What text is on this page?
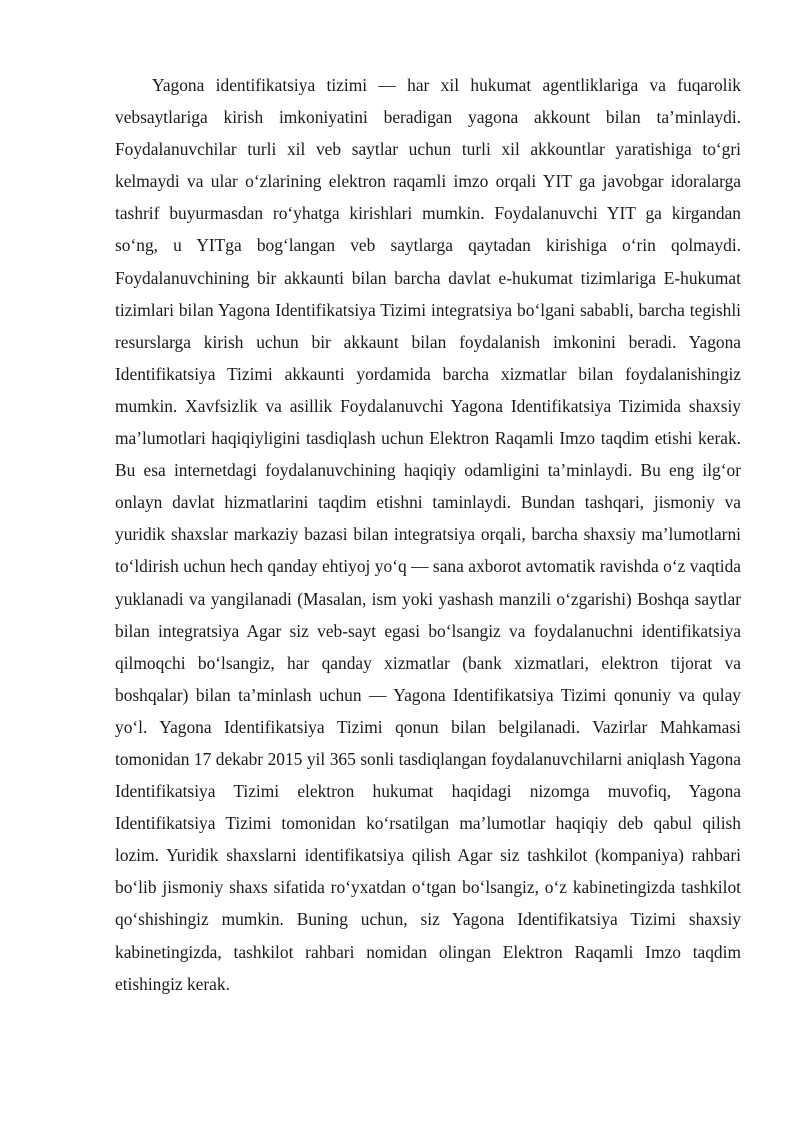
Yagona identifikatsiya tizimi — har xil hukumat agentliklariga va fuqarolik vebsaytlariga kirish imkoniyatini beradigan yagona akkount bilan ta’minlaydi. Foydalanuvchilar turli xil veb saytlar uchun turli xil akkountlar yaratishiga to‘gri kelmaydi va ular o‘zlarining elektron raqamli imzo orqali YIT ga javobgar idoralarga tashrif buyurmasdan ro‘yhatga kirishlari mumkin. Foydalanuvchi YIT ga kirgandan so‘ng, u YITga bog‘langan veb saytlarga qaytadan kirishiga o‘rin qolmaydi. Foydalanuvchining bir akkaunti bilan barcha davlat e-hukumat tizimlariga E-hukumat tizimlari bilan Yagona Identifikatsiya Tizimi integratsiya bo‘lgani sababli, barcha tegishli resurslarga kirish uchun bir akkaunt bilan foydalanish imkonini beradi. Yagona Identifikatsiya Tizimi akkaunti yordamida barcha xizmatlar bilan foydalanishingiz mumkin. Xavfsizlik va asillik Foydalanuvchi Yagona Identifikatsiya Tizimida shaxsiy ma’lumotlari haqiqiyligini tasdiqlash uchun Elektron Raqamli Imzo taqdim etishi kerak. Bu esa internetdagi foydalanuvchining haqiqiy odamligini ta’minlaydi. Bu eng ilg‘or onlayn davlat hizmatlarini taqdim etishni taminlaydi. Bundan tashqari, jismoniy va yuridik shaxslar markaziy bazasi bilan integratsiya orqali, barcha shaxsiy ma’lumotlarni to‘ldirish uchun hech qanday ehtiyoj yo‘q — sana axborot avtomatik ravishda o‘z vaqtida yuklanadi va yangilanadi (Masalan, ism yoki yashash manzili o‘zgarishi) Boshqa saytlar bilan integratsiya Agar siz veb-sayt egasi bo‘lsangiz va foydalanuchni identifikatsiya qilmoqchi bo‘lsangiz, har qanday xizmatlar (bank xizmatlari, elektron tijorat va boshqalar) bilan ta’minlash uchun — Yagona Identifikatsiya Tizimi qonuniy va qulay yo‘l. Yagona Identifikatsiya Tizimi qonun bilan belgilanadi. Vazirlar Mahkamasi tomonidan 17 dekabr 2015 yil 365 sonli tasdiqlangan foydalanuvchilarni aniqlash Yagona Identifikatsiya Tizimi elektron hukumat haqidagi nizomga muvofiq, Yagona Identifikatsiya Tizimi tomonidan ko‘rsatilgan ma’lumotlar haqiqiy deb qabul qilish lozim. Yuridik shaxslarni identifikatsiya qilish Agar siz tashkilot (kompaniya) rahbari bo‘lib jismoniy shaxs sifatida ro‘yxatdan o‘tgan bo‘lsangiz, o‘z kabinetingizda tashkilot qo‘shishingiz mumkin. Buning uchun, siz Yagona Identifikatsiya Tizimi shaxsiy kabinetingizda, tashkilot rahbari nomidan olingan Elektron Raqamli Imzo taqdim etishingiz kerak.
